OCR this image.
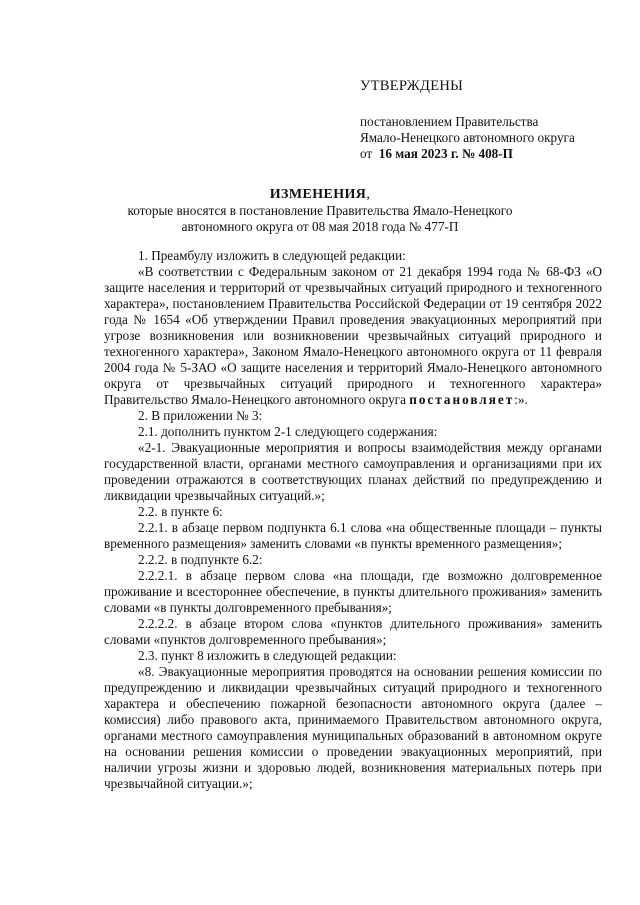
УТВЕРЖДЕНЫ
постановлением Правительства
Ямало-Ненецкого автономного округа
от 16 мая 2023 г. № 408-П
ИЗМЕНЕНИЯ,
которые вносятся в постановление Правительства Ямало-Ненецкого
автономного округа от 08 мая 2018 года № 477-П

1. Преамбулу изложить в следующей редакции:

«В соответствии с Федеральным законом от 21 декабря 1994 года № 68-ФЗ «О защите населения и территорий от чрезвычайных ситуаций природного и техногенного характера», постановлением Правительства Российской Федерации от 19 сентября 2022 года № 1654 «Об утверждении Правил проведения эвакуационных мероприятий при угрозе возникновения или возникновении чрезвычайных ситуаций природного и техногенного характера», Законом Ямало-Ненецкого автономного округа от 11 февраля 2004 года № 5-ЗАО «О защите населения и территорий Ямало-Ненецкого автономного округа от чрезвычайных ситуаций природного и техногенного характера» Правительство Ямало-Ненецкого автономного округа постановляет:».

2. В приложении № 3:

2.1. дополнить пунктом 2-1 следующего содержания:

«2-1. Эвакуационные мероприятия и вопросы взаимодействия между органами государственной власти, органами местного самоуправления и организациями при их проведении отражаются в соответствующих планах действий по предупреждению и ликвидации чрезвычайных ситуаций.»;

2.2. в пункте 6:

2.2.1. в абзаце первом подпункта 6.1 слова «на общественные площади – пункты временного размещения» заменить словами «в пункты временного размещения»;

2.2.2. в подпункте 6.2:

2.2.2.1. в абзаце первом слова «на площади, где возможно долговременное проживание и всестороннее обеспечение, в пункты длительного проживания» заменить словами «в пункты долговременного пребывания»;

2.2.2.2. в абзаце втором слова «пунктов длительного проживания» заменить словами «пунктов долговременного пребывания»;

2.3. пункт 8 изложить в следующей редакции:

«8. Эвакуационные мероприятия проводятся на основании решения комиссии по предупреждению и ликвидации чрезвычайных ситуаций природного и техногенного характера и обеспечению пожарной безопасности автономного округа (далее – комиссия) либо правового акта, принимаемого Правительством автономного округа, органами местного самоуправления муниципальных образований в автономном округе на основании решения комиссии о проведении эвакуационных мероприятий, при наличии угрозы жизни и здоровью людей, возникновения материальных потерь при чрезвычайной ситуации.»;
